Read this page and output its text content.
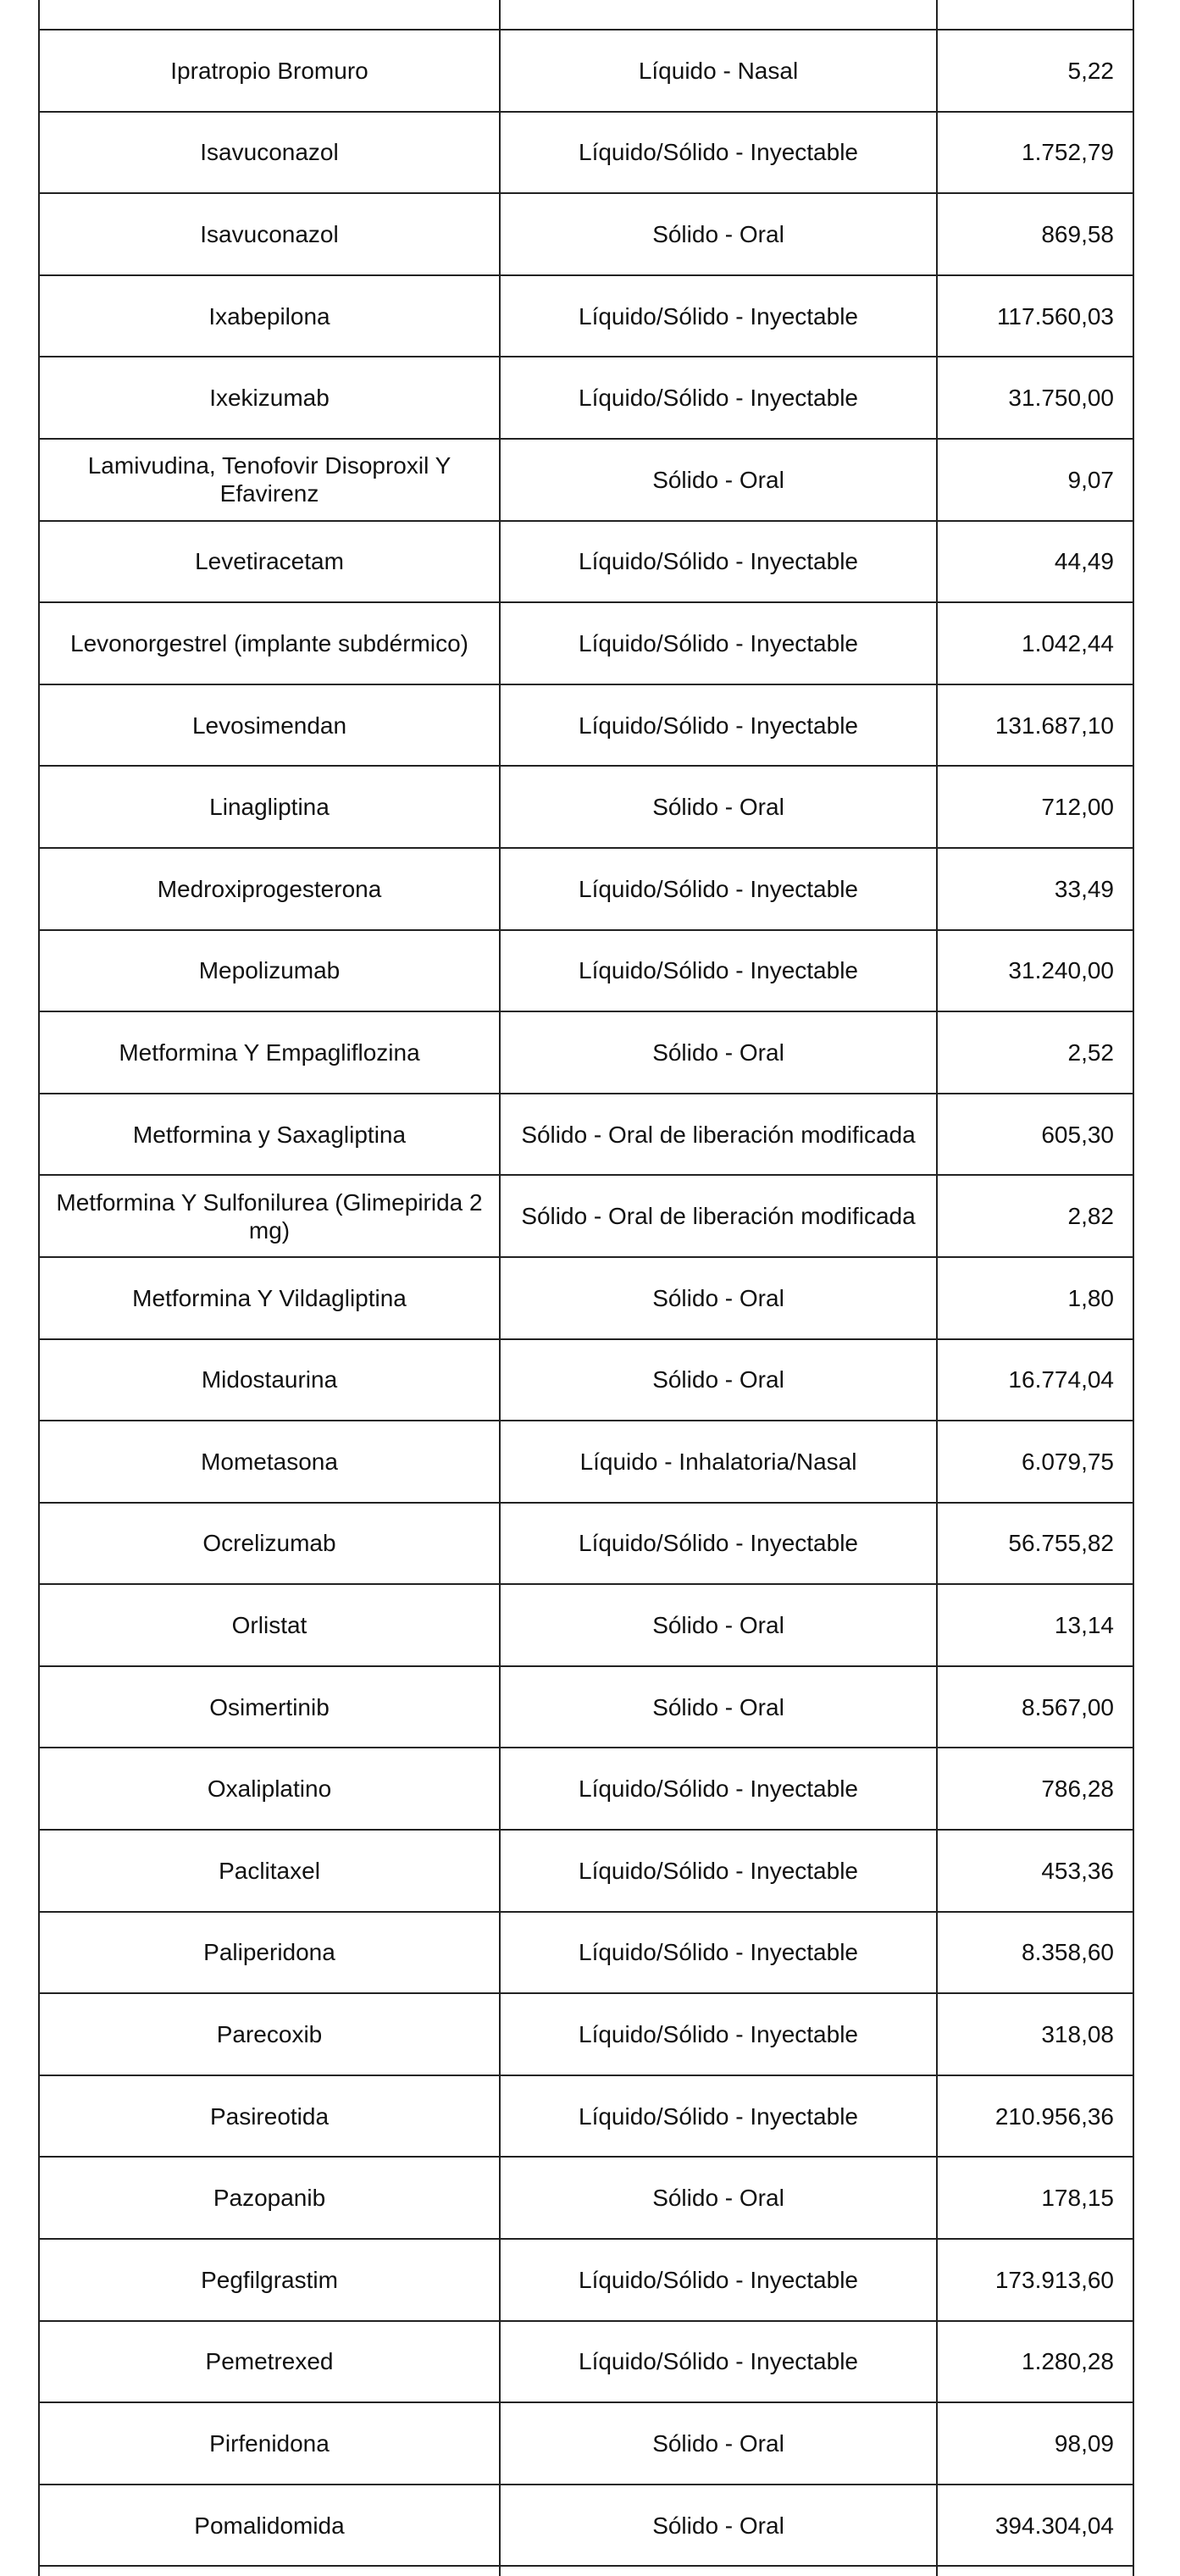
	Ipratropio Bromuro	Líquido - Nasal	5,22	
	Isavuconazol	Líquido/Sólido - Inyectable	1.752,79	
	Isavuconazol	Sólido - Oral	869,58	
	Ixabepilona	Líquido/Sólido - Inyectable	117.560,03	
	Ixekizumab	Líquido/Sólido - Inyectable	31.750,00	
	Lamivudina, Tenofovir Disoproxil Y Efavirenz	Sólido - Oral	9,07	
	Levetiracetam	Líquido/Sólido - Inyectable	44,49	
	Levonorgestrel (implante subdérmico)	Líquido/Sólido - Inyectable	1.042,44	
	Levosimendan	Líquido/Sólido - Inyectable	131.687,10	
	Linagliptina	Sólido - Oral	712,00	
	Medroxiprogesterona	Líquido/Sólido - Inyectable	33,49	
	Mepolizumab	Líquido/Sólido - Inyectable	31.240,00	
	Metformina Y Empagliflozina	Sólido - Oral	2,52	
	Metformina y Saxagliptina	Sólido - Oral de liberación modificada	605,30	
	Metformina Y Sulfonilurea (Glimepirida 2 mg)	Sólido - Oral de liberación modificada	2,82	
	Metformina Y Vildagliptina	Sólido - Oral	1,80	
	Midostaurina	Sólido - Oral	16.774,04	
	Mometasona	Líquido - Inhalatoria/Nasal	6.079,75	
	Ocrelizumab	Líquido/Sólido - Inyectable	56.755,82	
	Orlistat	Sólido - Oral	13,14	
	Osimertinib	Sólido - Oral	8.567,00	
	Oxaliplatino	Líquido/Sólido - Inyectable	786,28	
	Paclitaxel	Líquido/Sólido - Inyectable	453,36	
	Paliperidona	Líquido/Sólido - Inyectable	8.358,60	
	Parecoxib	Líquido/Sólido - Inyectable	318,08	
	Pasireotida	Líquido/Sólido - Inyectable	210.956,36	
	Pazopanib	Sólido - Oral	178,15	
	Pegfilgrastim	Líquido/Sólido - Inyectable	173.913,60	
	Pemetrexed	Líquido/Sólido - Inyectable	1.280,28	
	Pirfenidona	Sólido - Oral	98,09	
	Pomalidomida	Sólido - Oral	394.304,04	
